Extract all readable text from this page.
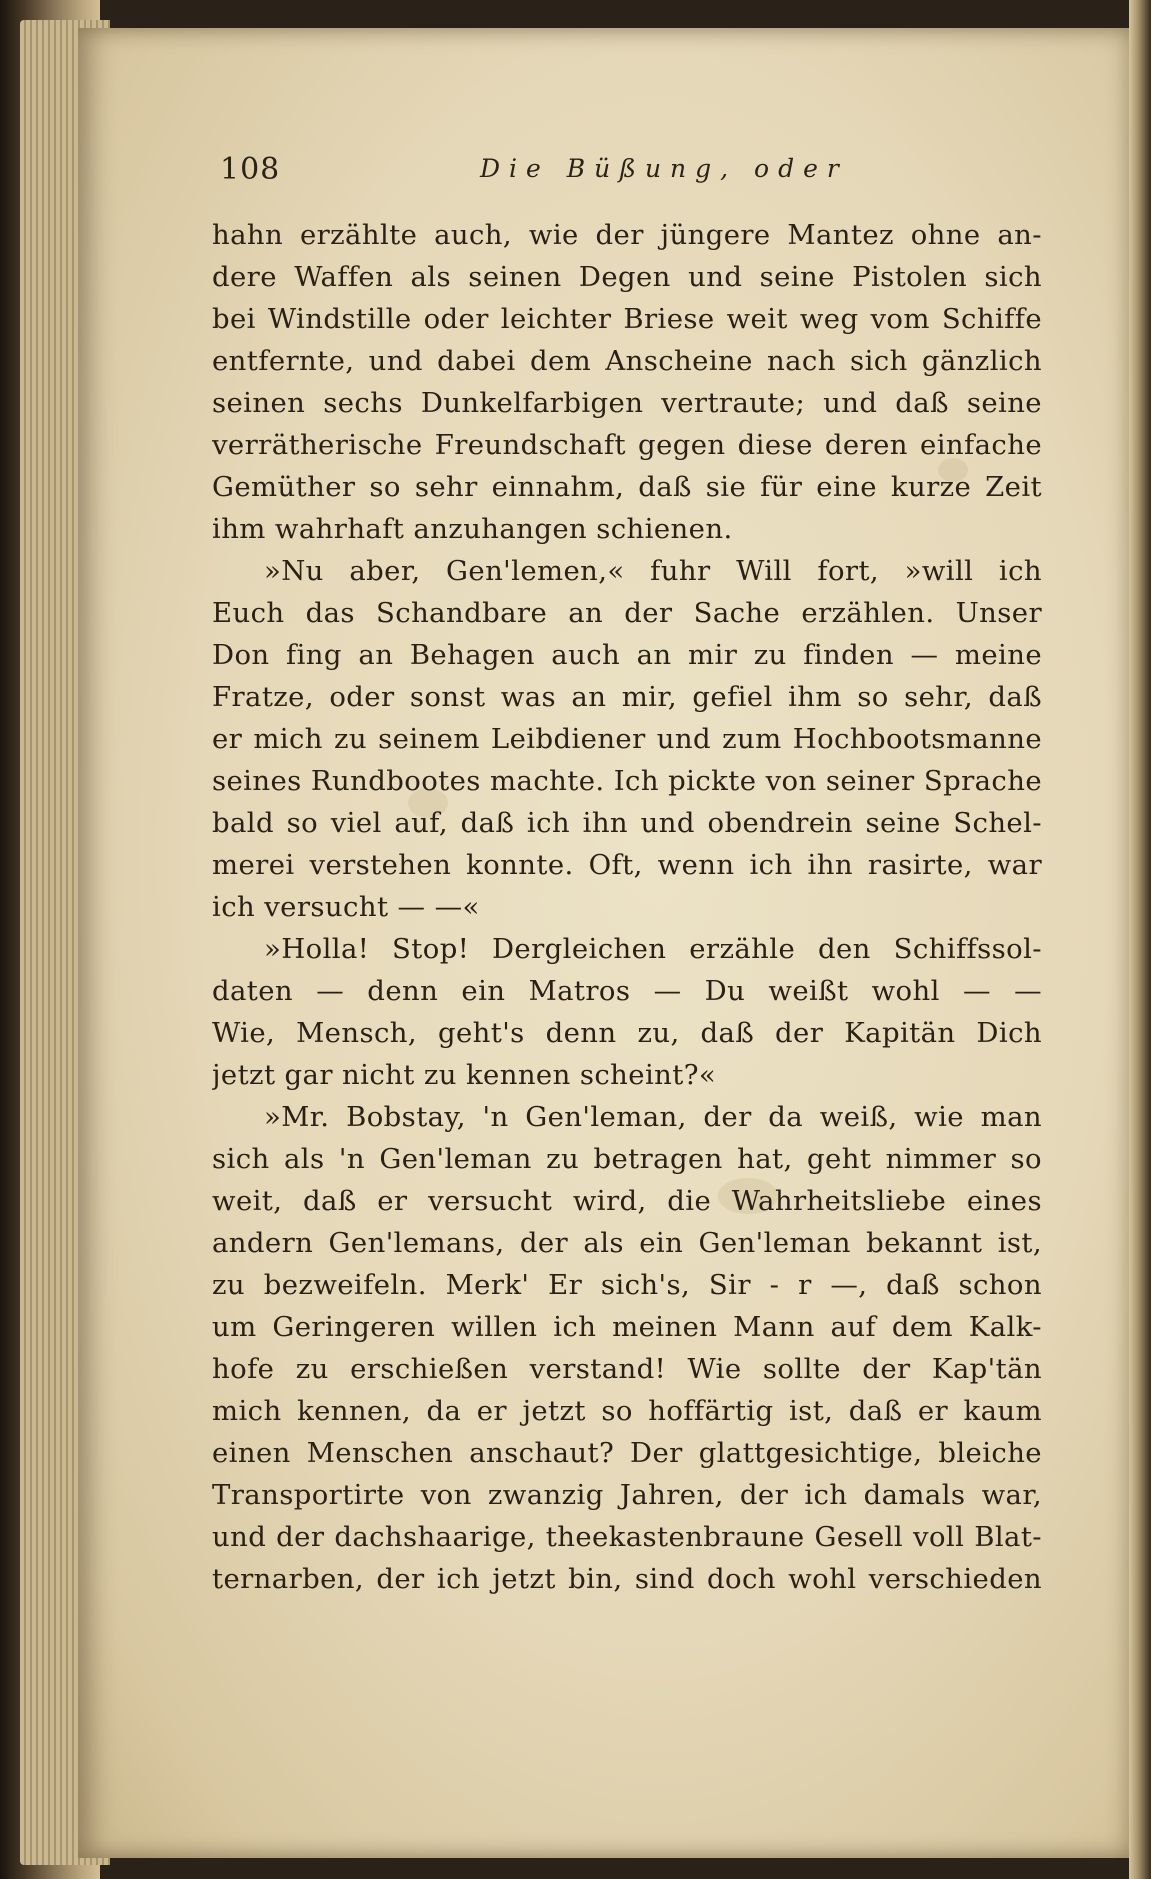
108	Die Büßung, oder
hahn erzählte auch, wie der jüngere Mantez ohne an-
dere Waffen als seinen Degen und seine Pistolen sich
bei Windstille oder leichter Briese weit weg vom Schiffe
entfernte, und dabei dem Anscheine nach sich gänzlich
seinen sechs Dunkelfarbigen vertraute; und daß seine
verrätherische Freundschaft gegen diese deren einfache
Gemüther so sehr einnahm, daß sie für eine kurze Zeit
ihm wahrhaft anzuhangen schienen.
»Nu aber, Gen'lemen,« fuhr Will fort, »will ich
Euch das Schandbare an der Sache erzählen. Unser
Don fing an Behagen auch an mir zu finden — meine
Fratze, oder sonst was an mir, gefiel ihm so sehr, daß
er mich zu seinem Leibdiener und zum Hochbootsmanne
seines Rundbootes machte. Ich pickte von seiner Sprache
bald so viel auf, daß ich ihn und obendrein seine Schel-
merei verstehen konnte. Oft, wenn ich ihn rasirte, war
ich versucht — —«
»Holla! Stop! Dergleichen erzähle den Schiffssol-
daten — denn ein Matros — Du weißt wohl — —
Wie, Mensch, geht's denn zu, daß der Kapitän Dich
jetzt gar nicht zu kennen scheint?«
»Mr. Bobstay, 'n Gen'leman, der da weiß, wie man
sich als 'n Gen'leman zu betragen hat, geht nimmer so
weit, daß er versucht wird, die Wahrheitsliebe eines
andern Gen'lemans, der als ein Gen'leman bekannt ist,
zu bezweifeln. Merk' Er sich's, Sir - r —, daß schon
um Geringeren willen ich meinen Mann auf dem Kalk-
hofe zu erschießen verstand! Wie sollte der Kap'tän
mich kennen, da er jetzt so hoffärtig ist, daß er kaum
einen Menschen anschaut? Der glattgesichtige, bleiche
Transportirte von zwanzig Jahren, der ich damals war,
und der dachshaarige, theekastenbraune Gesell voll Blat-
ternarben, der ich jetzt bin, sind doch wohl verschieden
